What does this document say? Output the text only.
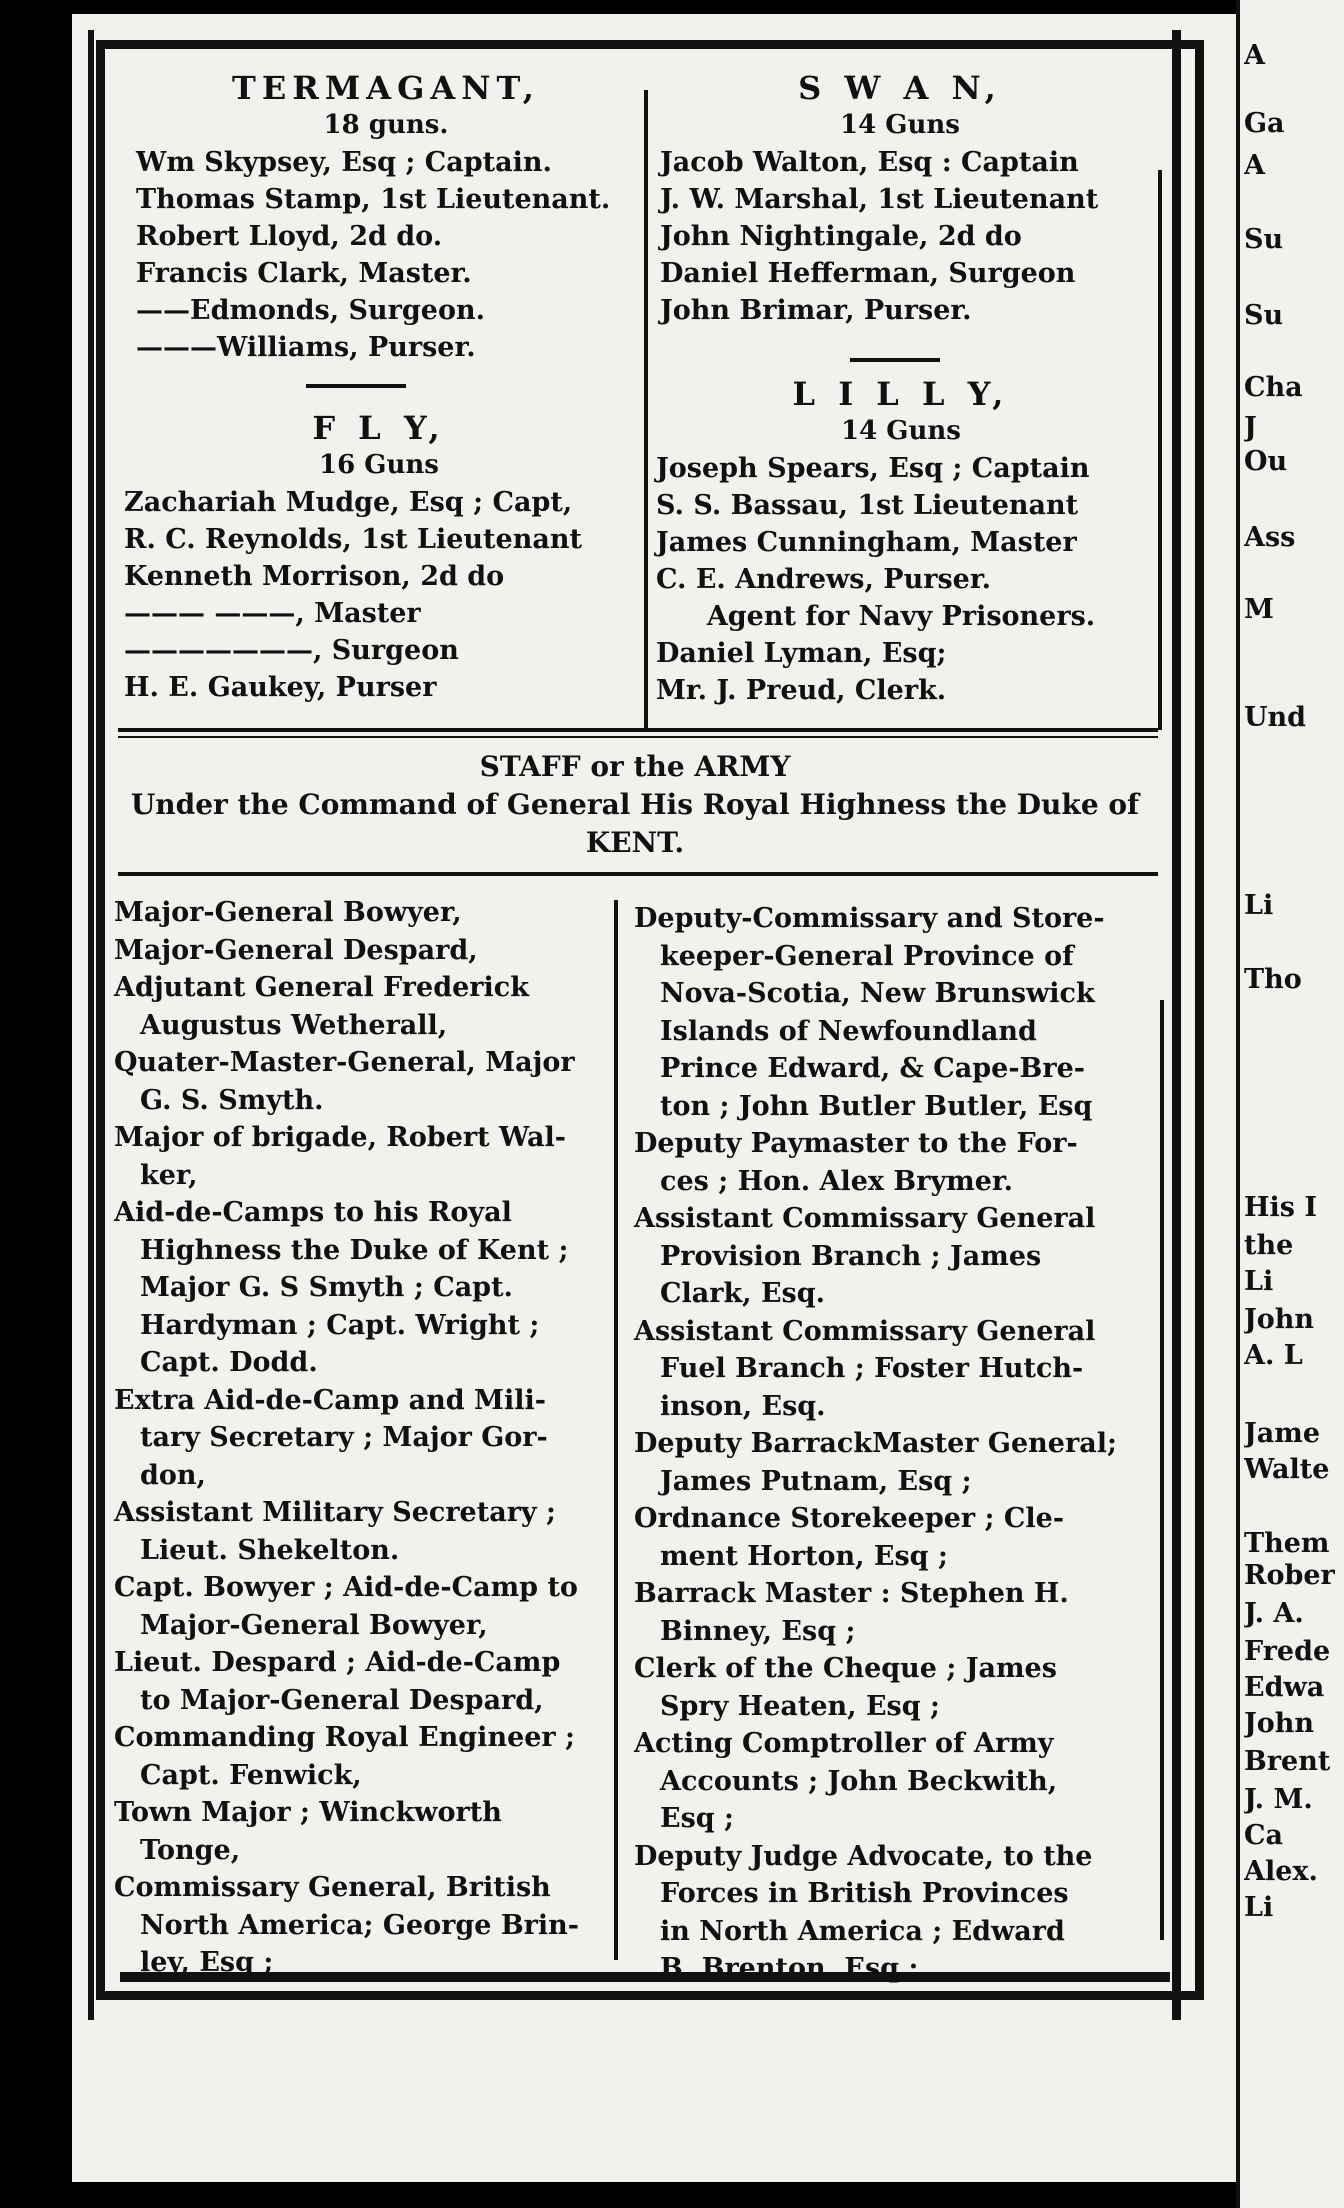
TERMAGANT,
18 guns.
Wm Skypsey, Esq ; Captain.
Thomas Stamp, 1st Lieutenant.
Robert Lloyd, 2d do.
Francis Clark, Master.
——Edmonds, Surgeon.
———Williams, Purser.
S W A N,
14 Guns
Jacob Walton, Esq : Captain
J. W. Marshal, 1st Lieutenant
John Nightingale, 2d do
Daniel Hefferman, Surgeon
John Brimar, Purser.
F L Y,
16 Guns
Zachariah Mudge, Esq ; Capt,
R. C. Reynolds, 1st Lieutenant
Kenneth Morrison, 2d do
——— ———, Master
———————, Surgeon
H. E. Gaukey, Purser
L I L L Y,
14 Guns
Joseph Spears, Esq ; Captain
S. S. Bassau, 1st Lieutenant
James Cunningham, Master
C. E. Andrews, Purser.
Agent for Navy Prisoners.
Daniel Lyman, Esq;
Mr. J. Preud, Clerk.
STAFF or the ARMY
Under the Command of General His Royal Highness the Duke of
KENT.
Major-General Bowyer,
Major-General Despard,
Adjutant General Frederick
Augustus Wetherall,
Quater-Master-General, Major
G. S. Smyth.
Major of brigade, Robert Wal-
ker,
Aid-de-Camps to his Royal
Highness the Duke of Kent ;
Major G. S Smyth ; Capt.
Hardyman ; Capt. Wright ;
Capt. Dodd.
Extra Aid-de-Camp and Mili-
tary Secretary ; Major Gor-
don,
Assistant Military Secretary ;
Lieut. Shekelton.
Capt. Bowyer ; Aid-de-Camp to
Major-General Bowyer,
Lieut. Despard ; Aid-de-Camp
to Major-General Despard,
Commanding Royal Engineer ;
Capt. Fenwick,
Town Major ; Winckworth
Tonge,
Commissary General, British
North America; George Brin-
ley, Esq ;
Deputy-Commissary and Store-
keeper-General Province of
Nova-Scotia, New Brunswick
Islands of Newfoundland
Prince Edward, & Cape-Bre-
ton ; John Butler Butler, Esq
Deputy Paymaster to the For-
ces ; Hon. Alex Brymer.
Assistant Commissary General
Provision Branch ; James
Clark, Esq.
Assistant Commissary General
Fuel Branch ; Foster Hutch-
inson, Esq.
Deputy BarrackMaster General;
James Putnam, Esq ;
Ordnance Storekeeper ; Cle-
ment Horton, Esq ;
Barrack Master : Stephen H.
Binney, Esq ;
Clerk of the Cheque ; James
Spry Heaten, Esq ;
Acting Comptroller of Army
Accounts ; John Beckwith,
Esq ;
Deputy Judge Advocate, to the
Forces in British Provinces
in North America ; Edward
B. Brenton, Esq ;
A
Ga
A
Su
Su
Cha
J
Ou
Ass
M
Und
Li
Tho
His I
the
Li
John
A. L
Jame
Walte
Them
Rober
J. A.
Frede
Edwa
John
Brent
J. M.
Ca
Alex.
Li
